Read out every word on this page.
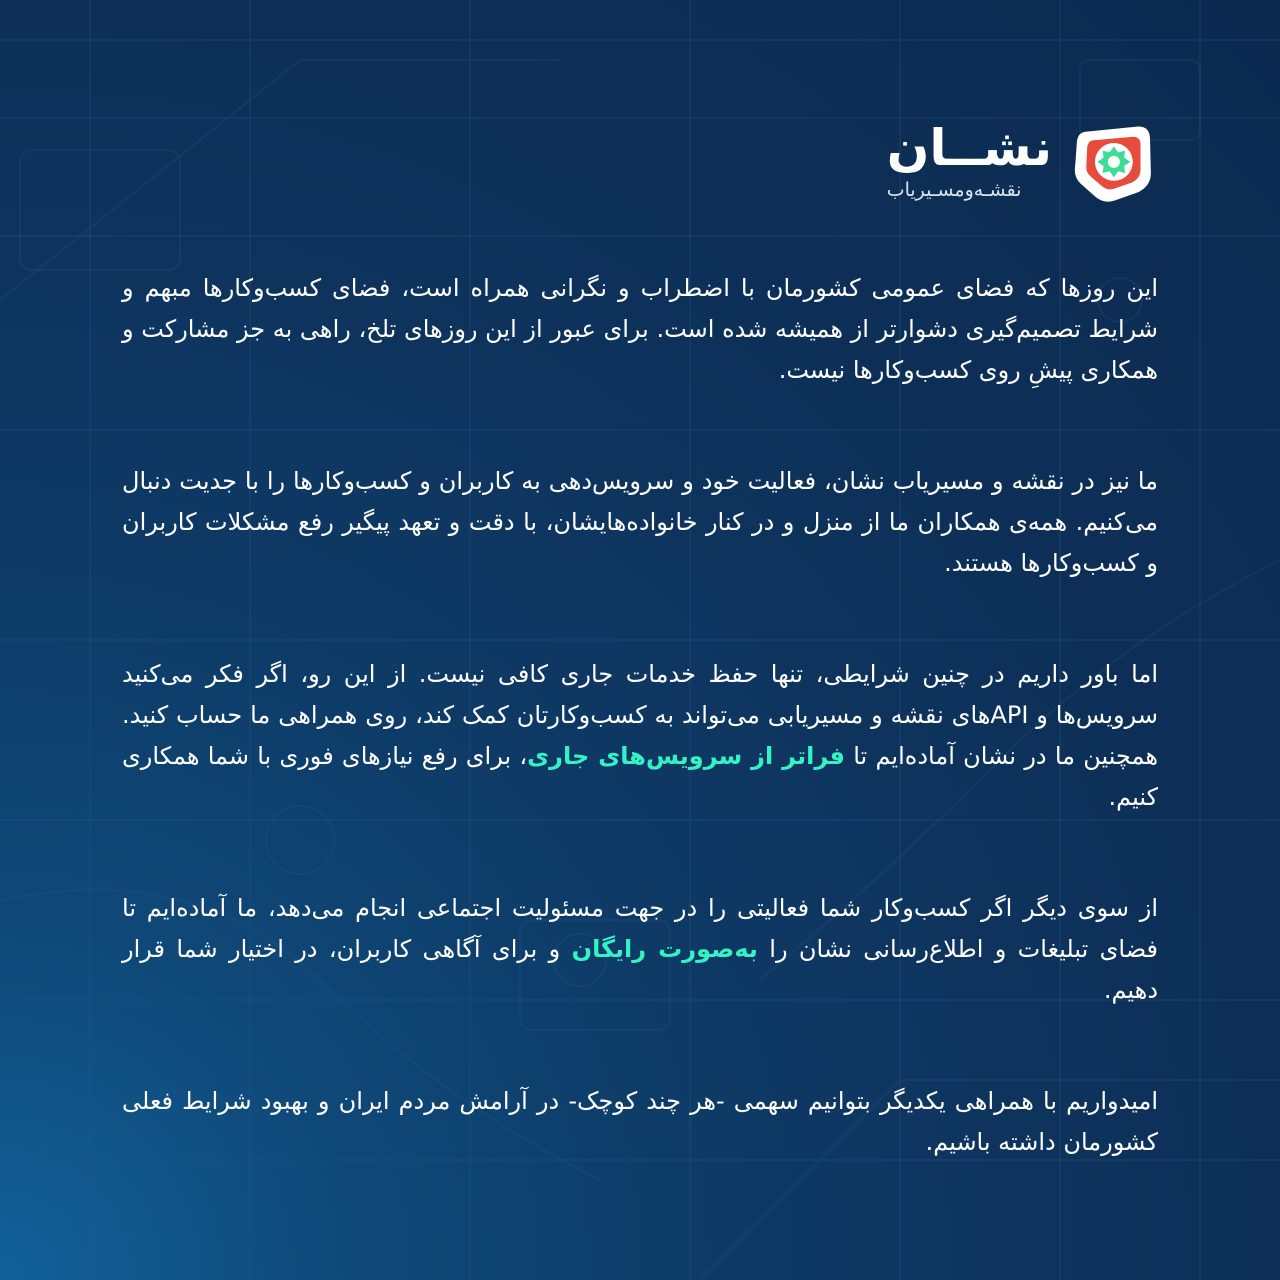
نشــان
نقشـه‌ومسـیریاب

این روزها که فضای عمومی کشورمان با اضطراب و نگرانی همراه است، فضای کسب‌وکارها مبهم و شرایط تصمیم‌گیری دشوارتر از همیشه شده است. برای عبور از این روزهای تلخ، راهی به جز مشارکت و همکاری پیشِ روی کسب‌وکارها نیست.

ما نیز در نقشه و مسیریاب نشان، فعالیت خود و سرویس‌دهی به کاربران و کسب‌وکارها را با جدیت دنبال می‌کنیم. همه‌ی همکاران ما از منزل و در کنار خانواده‌هایشان، با دقت و تعهد پیگیر رفع مشکلات کاربران و کسب‌وکارها هستند.

اما باور داریم در چنین شرایطی، تنها حفظ خدمات جاری کافی نیست. از این رو، اگر فکر می‌کنید سرویس‌ها و APIهای نقشه و مسیریابی می‌تواند به کسب‌وکارتان کمک کند، روی همراهی ما حساب کنید. همچنین ما در نشان آماده‌ایم تا فراتر از سرویس‌های جاری، برای رفع نیازهای فوری با شما همکاری کنیم.

از سوی دیگر اگر کسب‌وکار شما فعالیتی را در جهت مسئولیت اجتماعی انجام می‌دهد، ما آماده‌ایم تا فضای تبلیغات و اطلاع‌رسانی نشان را به‌صورت رایگان و برای آگاهی کاربران، در اختیار شما قرار دهیم.

امیدواریم با همراهی یکدیگر بتوانیم سهمی -هر چند کوچک- در آرامش مردم ایران و بهبود شرایط فعلی کشورمان داشته باشیم.
